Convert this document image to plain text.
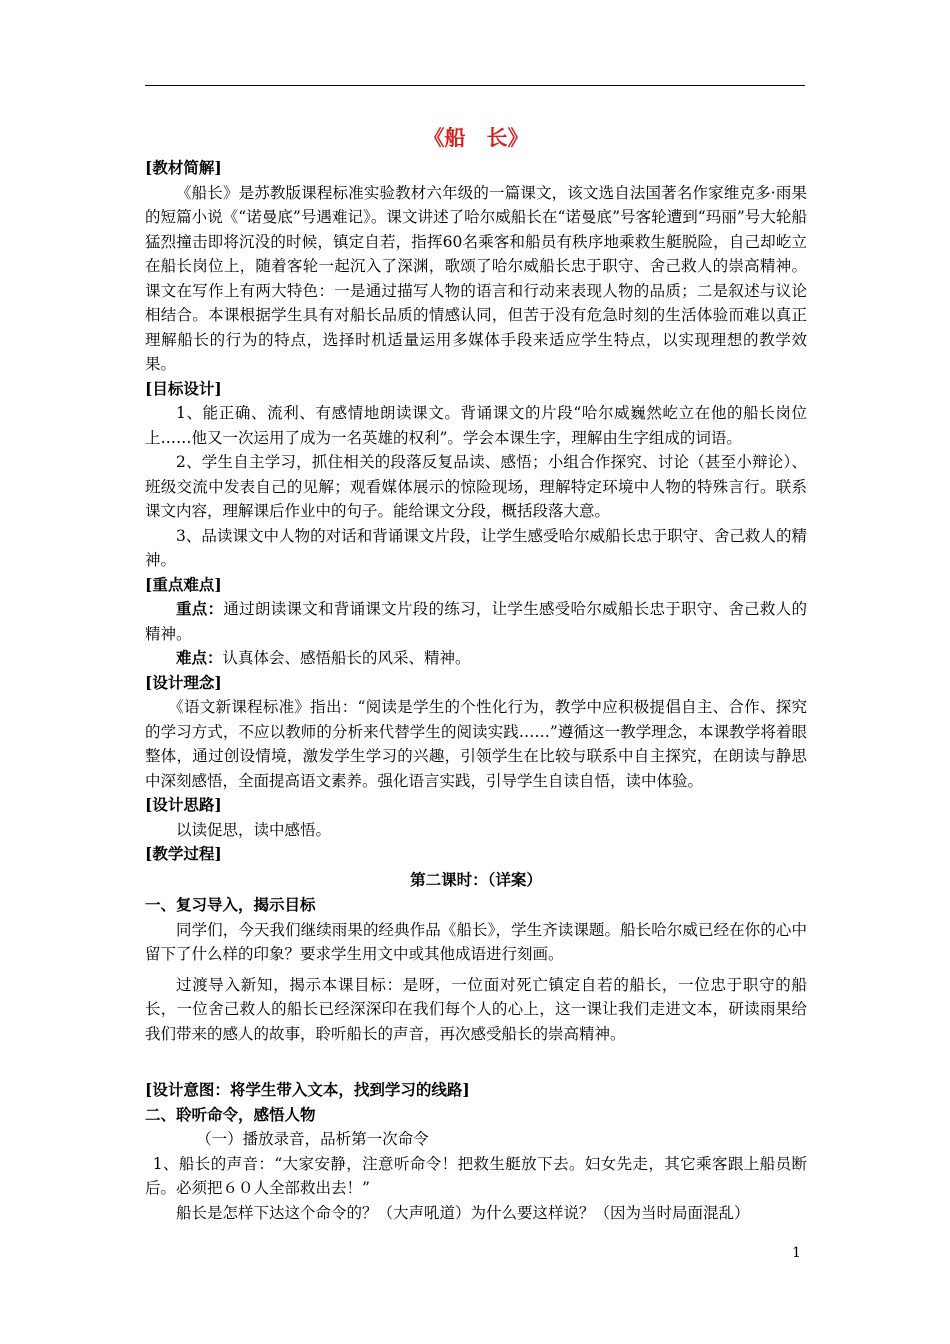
《船　长》
[教材简解]

《船长》是苏教版课程标准实验教材六年级的一篇课文，该文选自法国著名作家维克多·雨果的短篇小说《“诺曼底”号遇难记》。课文讲述了哈尔威船长在“诺曼底”号客轮遭到“玛丽”号大轮船猛烈撞击即将沉没的时候，镇定自若，指挥60名乘客和船员有秩序地乘救生艇脱险，自己却屹立在船长岗位上，随着客轮一起沉入了深渊，歌颂了哈尔威船长忠于职守、舍己救人的崇高精神。课文在写作上有两大特色：一是通过描写人物的语言和行动来表现人物的品质；二是叙述与议论相结合。本课根据学生具有对船长品质的情感认同，但苦于没有危急时刻的生活体验而难以真正理解船长的行为的特点，选择时机适量运用多媒体手段来适应学生特点，以实现理想的教学效果。

[目标设计]

1、能正确、流利、有感情地朗读课文。背诵课文的片段“哈尔威巍然屹立在他的船长岗位上……他又一次运用了成为一名英雄的权利”。学会本课生字，理解由生字组成的词语。

2、学生自主学习，抓住相关的段落反复品读、感悟；小组合作探究、讨论（甚至小辩论）、班级交流中发表自己的见解；观看媒体展示的惊险现场，理解特定环境中人物的特殊言行。联系课文内容，理解课后作业中的句子。能给课文分段，概括段落大意。

3、品读课文中人物的对话和背诵课文片段，让学生感受哈尔威船长忠于职守、舍己救人的精神。

[重点难点]

重点：通过朗读课文和背诵课文片段的练习，让学生感受哈尔威船长忠于职守、舍己救人的精神。

难点：认真体会、感悟船长的风采、精神。

[设计理念]

《语文新课程标准》指出：“阅读是学生的个性化行为，教学中应积极提倡自主、合作、探究的学习方式，不应以教师的分析来代替学生的阅读实践……”遵循这一教学理念，本课教学将着眼整体，通过创设情境，激发学生学习的兴趣，引领学生在比较与联系中自主探究，在朗读与静思中深刻感悟，全面提高语文素养。强化语言实践，引导学生自读自悟，读中体验。

[设计思路]

以读促思，读中感悟。

[教学过程]
第二课时：（详案）
一、复习导入，揭示目标

同学们，今天我们继续雨果的经典作品《船长》，学生齐读课题。船长哈尔威已经在你的心中留下了什么样的印象？要求学生用文中或其他成语进行刻画。

过渡导入新知，揭示本课目标：是呀，一位面对死亡镇定自若的船长，一位忠于职守的船长，一位舍己救人的船长已经深深印在我们每个人的心上，这一课让我们走进文本，研读雨果给我们带来的感人的故事，聆听船长的声音，再次感受船长的崇高精神。

[设计意图：将学生带入文本，找到学习的线路]
二、聆听命令，感悟人物

（一）播放录音，品析第一次命令

1、船长的声音：“大家安静，注意听命令！把救生艇放下去。妇女先走，其它乘客跟上船员断后。必须把６０人全部救出去！”

船长是怎样下达这个命令的？（大声吼道）为什么要这样说？（因为当时局面混乱）

1
